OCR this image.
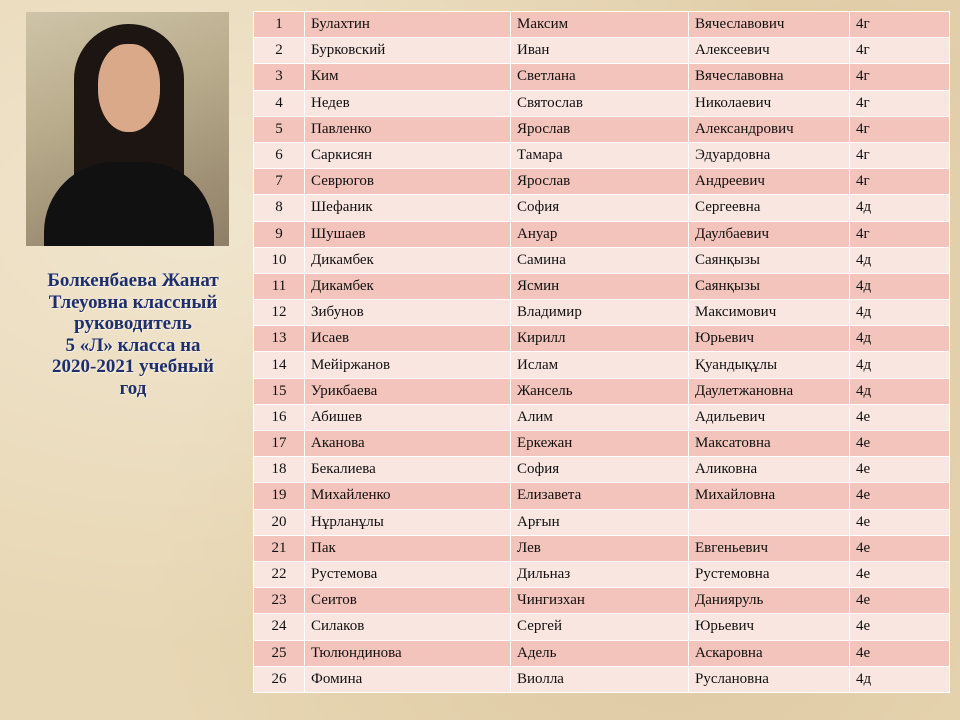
Болкенбаева Жанат
Тлеуовна классный
руководитель
5 «Л» класса на
2020-2021 учебный
год
1	Булахтин	Максим	Вячеславович	4г
2	Бурковский	Иван	Алексеевич	4г
3	Ким	Светлана	Вячеславовна	4г
4	Недев	Святослав	Николаевич	4г
5	Павленко	Ярослав	Александрович	4г
6	Саркисян	Тамара	Эдуардовна	4г
7	Севрюгов	Ярослав	Андреевич	4г
8	Шефаник	София	Сергеевна	4д
9	Шушаев	Ануар	Даулбаевич	4г
10	Дикамбек	Самина	Саянқызы	4д
11	Дикамбек	Ясмин	Саянқызы	4д
12	Зибунов	Владимир	Максимович	4д
13	Исаев	Кирилл	Юрьевич	4д
14	Мейіржанов	Ислам	Қуандықұлы	4д
15	Урикбаева	Жансель	Даулетжановна	4д
16	Абишев	Алим	Адильевич	4е
17	Аканова	Еркежан	Максатовна	4е
18	Бекалиева	София	Аликовна	4е
19	Михайленко	Елизавета	Михайловна	4е
20	Нұрланұлы	Арғын		4е
21	Пак	Лев	Евгеньевич	4е
22	Рустемова	Дильназ	Рустемовна	4е
23	Сеитов	Чингизхан	Данияруль	4е
24	Силаков	Сергей	Юрьевич	4е
25	Тюлюндинова	Адель	Аскаровна	4е
26	Фомина	Виолла	Руслановна	4д
